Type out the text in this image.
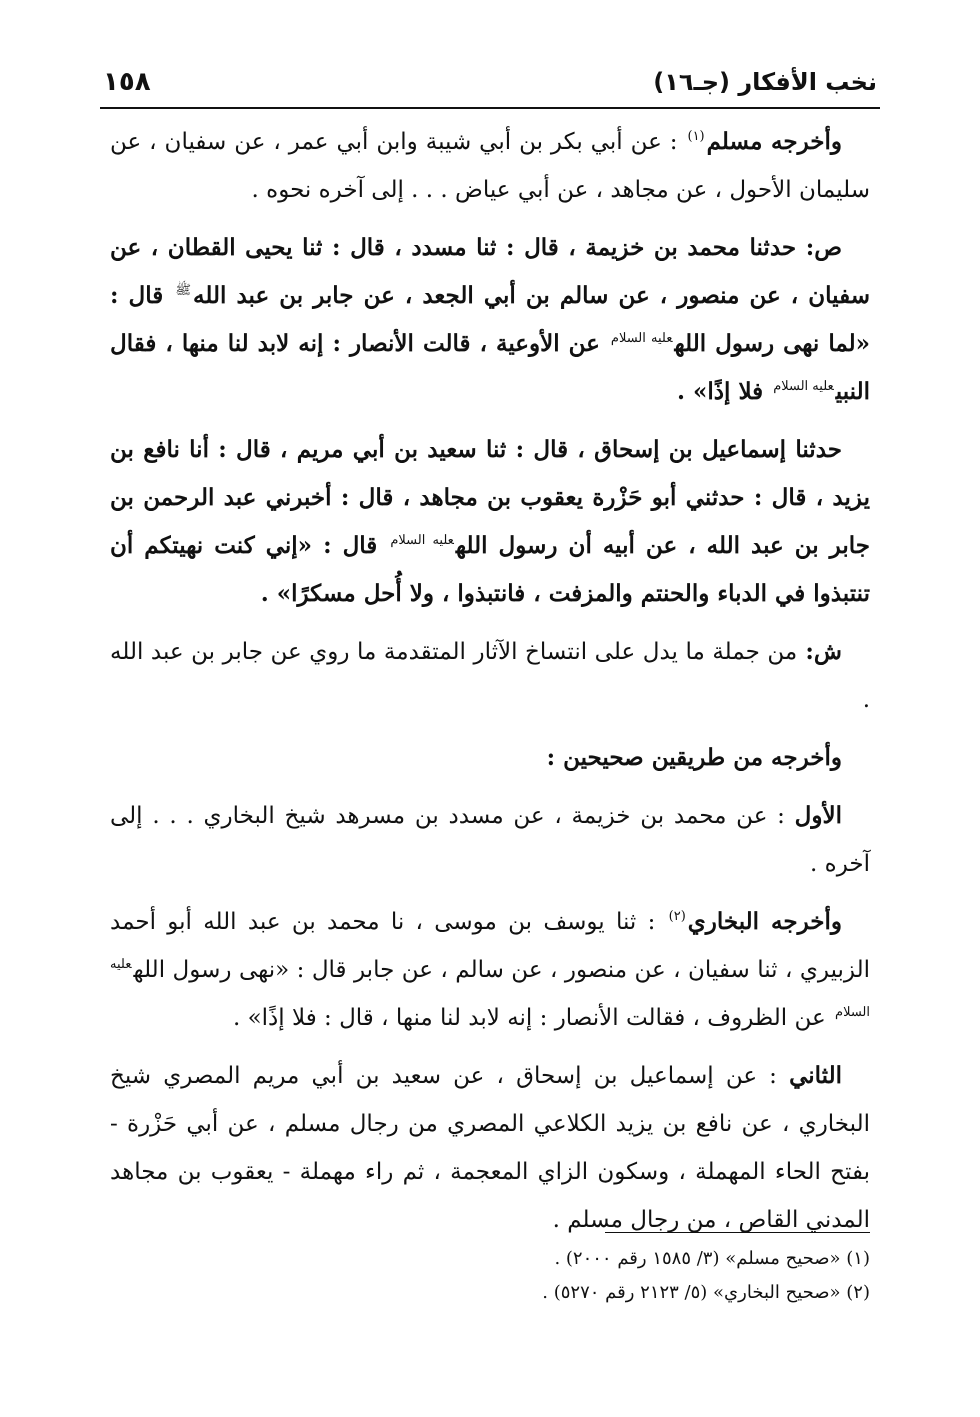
نخب الأفكار (جـ١٦)
١٥٨

وأخرجه مسلم$^{(١)}$ : عن أبي بكر بن أبي شيبة وابن أبي عمر ، عن سفيان ، عن سليمان الأحول ، عن مجاهد ، عن أبي عياض . . . إلى آخره نحوه .

ص: حدثنا محمد بن خزيمة ، قال : ثنا مسدد ، قال : ثنا يحيى القطان ، عن سفيان ، عن منصور ، عن سالم بن أبي الجعد ، عن جابر بن عبد الله$^ﷺ$ قال : «لما نهى رسول الله$^{عليه السلام}$ عن الأوعية ، قالت الأنصار : إنه لابد لنا منها ، فقال النبي$^{عليه السلام}$ فلا إذًا» .

حدثنا إسماعيل بن إسحاق ، قال : ثنا سعيد بن أبي مريم ، قال : أنا نافع بن يزيد ، قال : حدثني أبو حَزْرة يعقوب بن مجاهد ، قال : أخبرني عبد الرحمن بن جابر بن عبد الله ، عن أبيه أن رسول الله$^{عليه السلام}$ قال : «إني كنت نهيتكم أن تنتبذوا في الدباء والحنتم والمزفت ، فانتبذوا ، ولا أُحل مسكرًا» .

ش: من جملة ما يدل على انتساخ الآثار المتقدمة ما روي عن جابر بن عبد الله .

وأخرجه من طريقين صحيحين :

الأول : عن محمد بن خزيمة ، عن مسدد بن مسرهد شيخ البخاري . . . إلى آخره .

وأخرجه البخاري$^{(٢)}$ : ثنا يوسف بن موسى ، نا محمد بن عبد الله أبو أحمد الزبيري ، ثنا سفيان ، عن منصور ، عن سالم ، عن جابر قال : «نهى رسول الله$^{عليه السلام}$ عن الظروف ، فقالت الأنصار : إنه لابد لنا منها ، قال : فلا إذًا» .

الثاني : عن إسماعيل بن إسحاق ، عن سعيد بن أبي مريم المصري شيخ البخاري ، عن نافع بن يزيد الكلاعي المصري من رجال مسلم ، عن أبي حَزْرة - بفتح الحاء المهملة ، وسكون الزاي المعجمة ، ثم راء مهملة - يعقوب بن مجاهد المدني القاص ، من رجال مسلم .

(١) «صحيح مسلم» (٣/ ١٥٨٥ رقم ٢٠٠٠) .

(٢) «صحيح البخاري» (٥/ ٢١٢٣ رقم ٥٢٧٠) .
